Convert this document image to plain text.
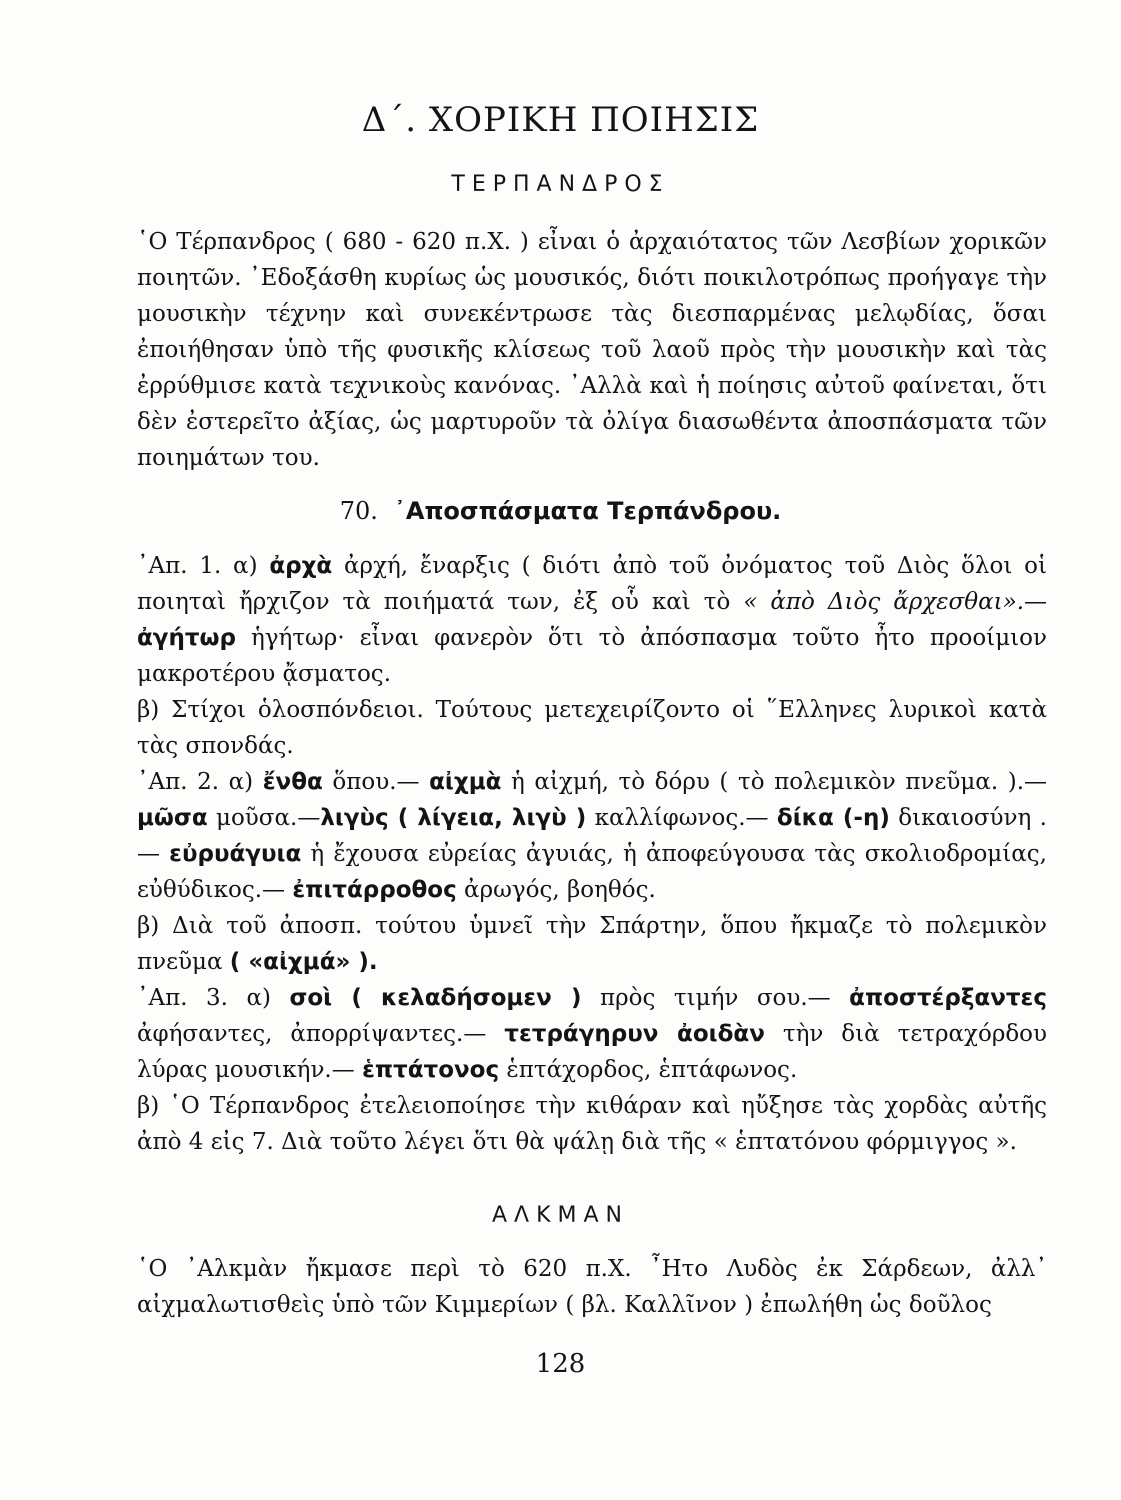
Δ΄. ΧΟΡΙΚΗ ΠΟΙΗΣΙΣ
ΤΕΡΠΑΝΔΡΟΣ

῾Ο Τέρπανδρος ( 680 - 620 π.Χ. ) εἶναι ὁ ἀρχαιότατος τῶν Λεσβίων χορικῶν ποιητῶν. ᾿Εδοξάσθη κυρίως ὡς μουσικός, διότι ποικιλοτρόπως προήγαγε τὴν μουσικὴν τέχνην καὶ συνεκέντρωσε τὰς διεσπαρμένας μελῳδίας, ὅσαι ἐποιήθησαν ὑπὸ τῆς φυσικῆς κλίσεως τοῦ λαοῦ πρὸς τὴν μουσικὴν καὶ τὰς ἐρρύθμισε κατὰ τεχνικοὺς κανόνας. ᾿Αλλὰ καὶ ἡ ποίησις αὐτοῦ φαίνεται, ὅτι δὲν ἐστερεῖτο ἀξίας, ὡς μαρτυροῦν τὰ ὀλίγα διασωθέντα ἀποσπάσματα τῶν ποιημάτων του.

70. ᾿Αποσπάσματα Τερπάνδρου.

᾿Απ. 1. α) ἀρχὰ ἀρχή, ἔναρξις ( διότι ἀπὸ τοῦ ὀνόματος τοῦ Διὸς ὅλοι οἱ ποιηταὶ ἤρχιζον τὰ ποιήματά των, ἐξ οὗ καὶ τὸ « ἀπὸ Διὸς ἄρχεσθαι».— ἀγήτωρ ἡγήτωρ· εἶναι φανερὸν ὅτι τὸ ἀπόσπασμα τοῦτο ἦτο προοίμιον μακροτέρου ᾄσματος.

β) Στίχοι ὁλοσπόνδειοι. Τούτους μετεχειρίζοντο οἱ ῞Ελληνες λυρικοὶ κατὰ τὰς σπονδάς.

᾿Απ. 2. α) ἔνθα ὅπου.— αἰχμὰ ἡ αἰχμή, τὸ δόρυ ( τὸ πολεμικὸν πνεῦμα. ).—μῶσα μοῦσα.—λιγὺς ( λίγεια, λιγὺ ) καλλίφωνος.— δίκα (-η) δικαιοσύνη .— εὐρυάγυια ἡ ἔχουσα εὐρείας ἀγυιάς, ἡ ἀποφεύγουσα τὰς σκολιοδρομίας, εὐθύδικος.— ἐπιτάρροθος ἀρωγός, βοηθός.

β) Διὰ τοῦ ἀποσπ. τούτου ὑμνεῖ τὴν Σπάρτην, ὅπου ἤκμαζε τὸ πολεμικὸν πνεῦμα ( «αἰχμά» ).

᾿Απ. 3. α) σοὶ ( κελαδήσομεν ) πρὸς τιμήν σου.— ἀποστέρξαντες ἀφήσαντες, ἀπορρίψαντες.— τετράγηρυν ἀοιδὰν τὴν διὰ τετραχόρδου λύρας μουσικήν.— ἑπτάτονος ἑπτάχορδος, ἑπτάφωνος.

β) ῾Ο Τέρπανδρος ἐτελειοποίησε τὴν κιθάραν καὶ ηὔξησε τὰς χορδὰς αὐτῆς ἀπὸ 4 εἰς 7. Διὰ τοῦτο λέγει ὅτι θὰ ψάλῃ διὰ τῆς « ἑπτατόνου φόρμιγγος ».

ΑΛΚΜΑΝ

῾Ο ᾿Αλκμὰν ἤκμασε περὶ τὸ 620 π.Χ. ῏Ητο Λυδὸς ἐκ Σάρδεων, ἀλλ᾿ αἰχμαλωτισθεὶς ὑπὸ τῶν Κιμμερίων ( βλ. Καλλῖνον ) ἐπωλήθη ὡς δοῦλος

128
